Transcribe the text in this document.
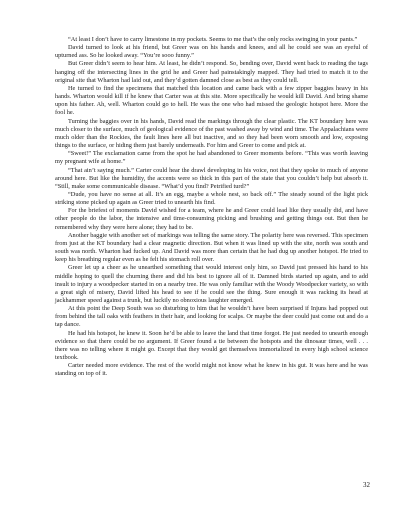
“At least I don’t have to carry limestone in my pockets. Seems to me that’s the only rocks swinging in your pants.”

David turned to look at his friend, but Greer was on his hands and knees, and all he could see was an eyeful of upturned ass. So he looked away. “You’re sooo funny.”

But Greer didn’t seem to hear him. At least, he didn’t respond. So, bending over, David went back to reading the tags hanging off the intersecting lines in the grid he and Greer had painstakingly mapped. They had tried to match it to the original site that Wharton had laid out, and they’d gotten damned close as best as they could tell.

He turned to find the specimens that matched this location and came back with a few zipper baggies heavy in his hands. Wharton would kill if he knew that Carter was at this site. More specifically he would kill David. And bring shame upon his father. Ah, well. Wharton could go to hell. He was the one who had missed the geologic hotspot here. More the fool he.

Turning the baggies over in his hands, David read the markings through the clear plastic. The KT boundary here was much closer to the surface, much of geological evidence of the past washed away by wind and time. The Appalachians were much older than the Rockies, the fault lines here all but inactive, and so they had been worn smooth and low, exposing things to the surface, or hiding them just barely underneath. For him and Greer to come and pick at.

“Sweet!” The exclamation came from the spot he had abandoned to Greer moments before. “This was worth leaving my pregnant wife at home.”

“That ain’t saying much.” Carter could hear the drawl developing in his voice, not that they spoke to much of anyone around here. But like the humidity, the accents were so thick in this part of the state that you couldn’t help but absorb it. “Still, make some communicable disease. “What’d you find? Petrified turd?”

“Dude, you have no sense at all. It’s an egg, maybe a whole nest, so back off.” The steady sound of the light pick striking stone picked up again as Greer tried to unearth his find.

For the briefest of moments David wished for a team, where he and Greer could lead like they usually did, and have other people do the labor, the intensive and time-consuming picking and brushing and getting things out. But then he remembered why they were here alone; they had to be.

Another baggie with another set of markings was telling the same story. The polarity here was reversed. This specimen from just at the KT boundary had a clear magnetic direction. But when it was lined up with the site, north was south and south was north. Wharton had fucked up. And David was more than certain that he had dug up another hotspot. He tried to keep his breathing regular even as he felt his stomach roll over.

Greer let up a cheer as he unearthed something that would interest only him, so David just pressed his hand to his middle hoping to quell the churning there and did his best to ignore all of it. Damned birds started up again, and to add insult to injury a woodpecker started in on a nearby tree. He was only familiar with the Woody Woodpecker variety, so with a great sigh of misery, David lifted his head to see if he could see the thing. Sure enough it was racking its head at jackhammer speed against a trunk, but luckily no obnoxious laughter emerged.

At this point the Deep South was so disturbing to him that he wouldn’t have been surprised if Injuns had popped out from behind the tall oaks with feathers in their hair, and looking for scalps. Or maybe the deer could just come out and do a tap dance.

He had his hotspot, he knew it. Soon he’d be able to leave the land that time forgot. He just needed to unearth enough evidence so that there could be no argument. If Greer found a tie between the hotspots and the dinosaur times, well . . . there was no telling where it might go. Except that they would get themselves immortalized in every high school science textbook.

Carter needed more evidence. The rest of the world might not know what he knew in his gut. It was here and he was standing on top of it.

32
